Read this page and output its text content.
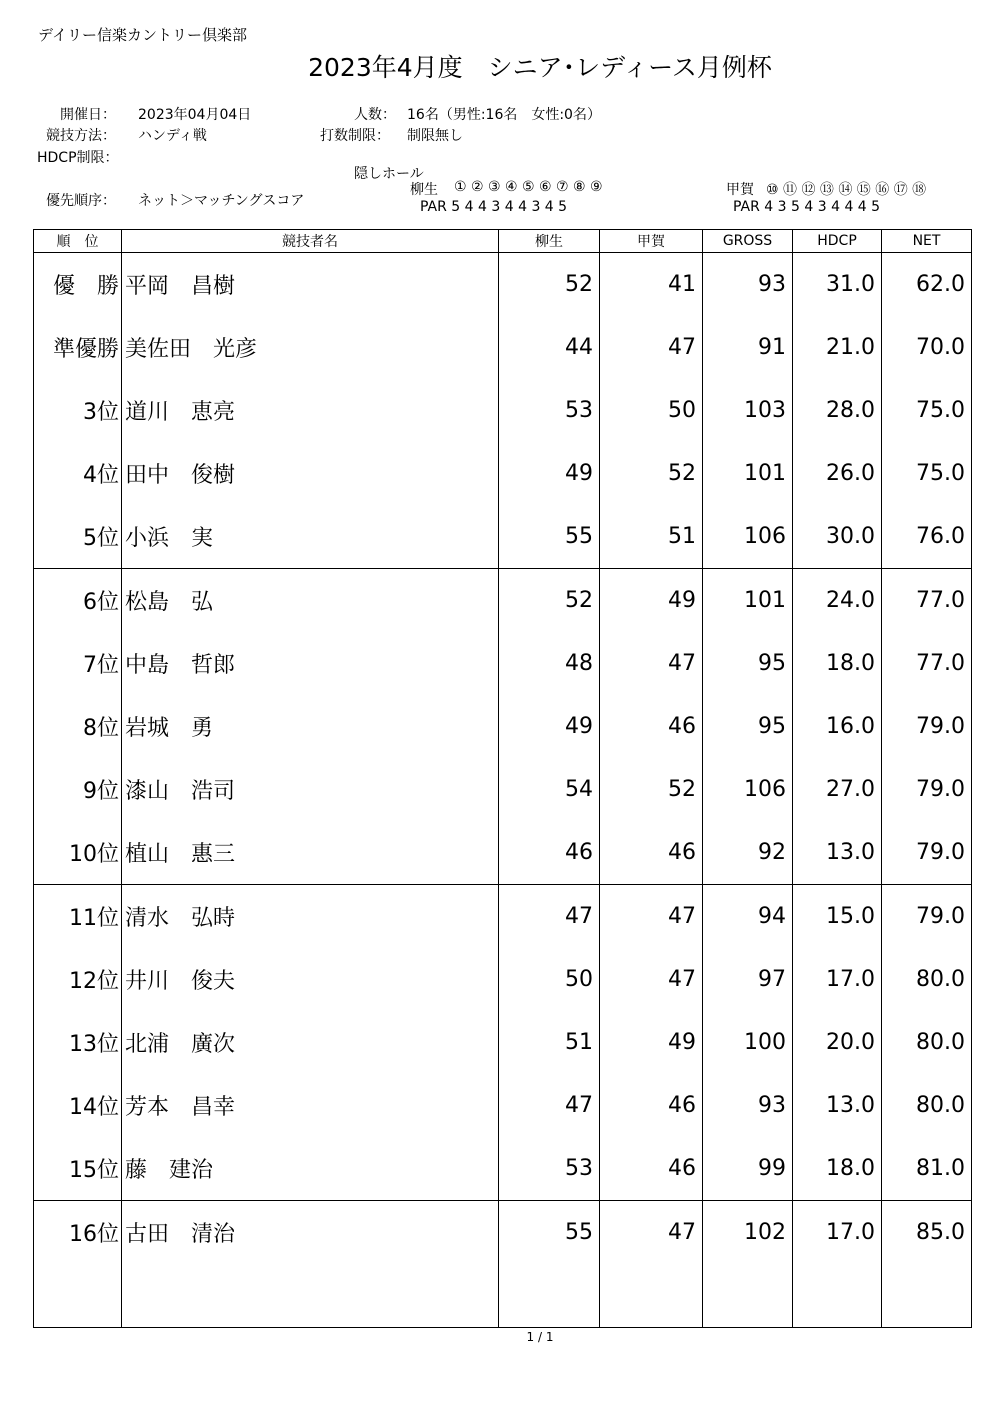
デイリー信楽カントリー倶楽部
2023年4月度　シニア･レディース月例杯
開催日： 2023年04月04日
競技方法： ハンディ戦
HDCP制限：
優先順序： ネット＞マッチングスコア
人数： 16名（男性:16名　女性:0名）
打数制限： 制限無し
隠しホール
柳生 ① ② ③ ④ ⑤ ⑥ ⑦ ⑧ ⑨
PAR 5 4 4 3 4 4 3 4 5
甲賀 ⑩ ⑪ ⑫ ⑬ ⑭ ⑮ ⑯ ⑰ ⑱
PAR 4 3 5 4 3 4 4 4 5
順　位	競技者名	柳生	甲賀	GROSS	HDCP	NET
優　勝	平岡　昌樹	52	41	93	31.0	62.0
準優勝	美佐田　光彦	44	47	91	21.0	70.0
3位	道川　恵亮	53	50	103	28.0	75.0
4位	田中　俊樹	49	52	101	26.0	75.0
5位	小浜　実	55	51	106	30.0	76.0
6位	松島　弘	52	49	101	24.0	77.0
7位	中島　哲郎	48	47	95	18.0	77.0
8位	岩城　勇	49	46	95	16.0	79.0
9位	漆山　浩司	54	52	106	27.0	79.0
10位	植山　惠三	46	46	92	13.0	79.0
11位	清水　弘時	47	47	94	15.0	79.0
12位	井川　俊夫	50	47	97	17.0	80.0
13位	北浦　廣次	51	49	100	20.0	80.0
14位	芳本　昌幸	47	46	93	13.0	80.0
15位	藤　建治	53	46	99	18.0	81.0
16位	古田　清治	55	47	102	17.0	85.0

1 / 1
